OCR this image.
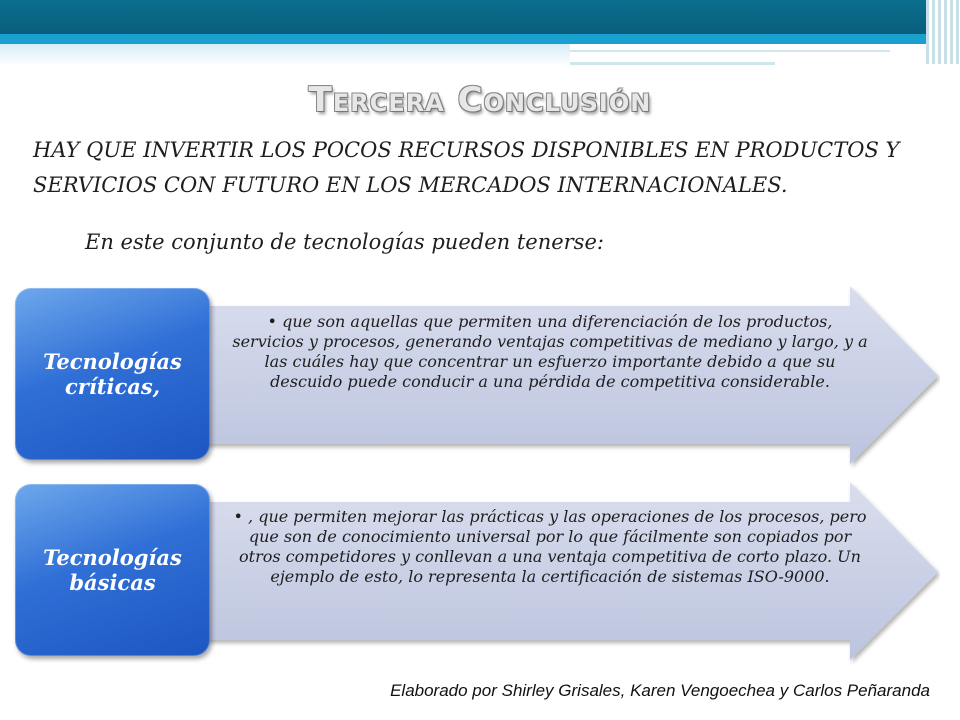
Tercera Conclusión
HAY QUE INVERTIR LOS POCOS RECURSOS DISPONIBLES EN PRODUCTOS Y SERVICIOS CON FUTURO EN LOS MERCADOS INTERNACIONALES.
En este conjunto de tecnologías pueden tenerse:
• que son aquellas que permiten una diferenciación de los productos, servicios y procesos, generando ventajas competitivas de mediano y largo, y a las cuáles hay que concentrar un esfuerzo importante debido a que su descuido puede conducir a una pérdida de competitiva considerable.
Tecnologías críticas,
• , que permiten mejorar las prácticas y las operaciones de los procesos, pero que son de conocimiento universal por lo que fácilmente son copiados por otros competidores y conllevan a una ventaja competitiva de corto plazo. Un ejemplo de esto, lo representa la certificación de sistemas ISO-9000.
Tecnologías básicas
Elaborado por Shirley Grisales, Karen Vengoechea y Carlos Peñaranda
